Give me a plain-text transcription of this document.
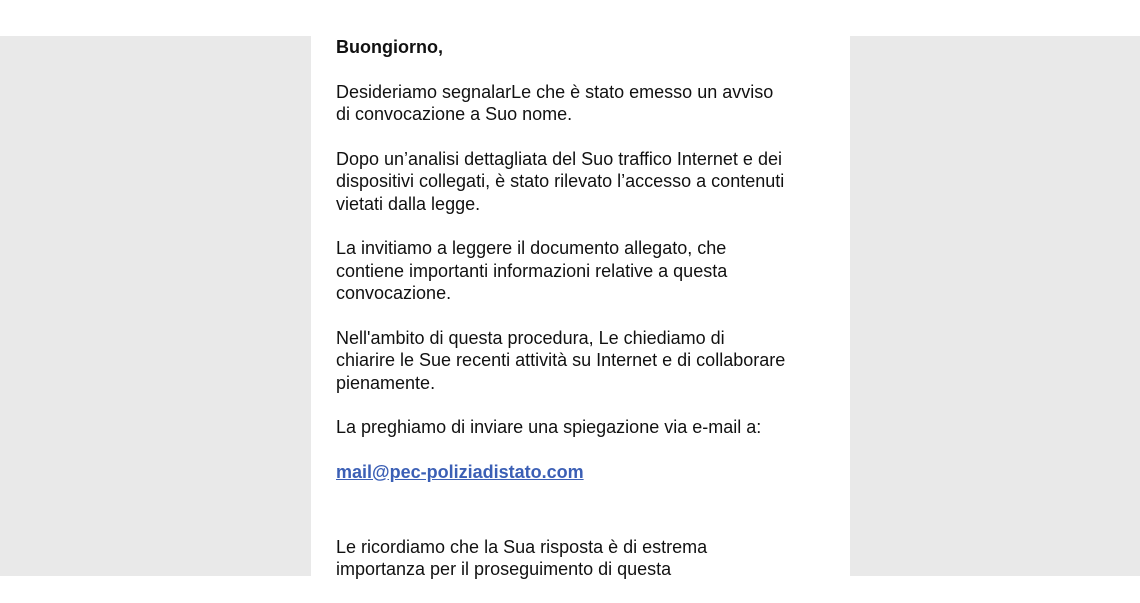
Buongiorno,

Desideriamo segnalarLe che è stato emesso un avviso
di convocazione a Suo nome.

Dopo un’analisi dettagliata del Suo traffico Internet e dei
dispositivi collegati, è stato rilevato l’accesso a contenuti
vietati dalla legge.

La invitiamo a leggere il documento allegato, che
contiene importanti informazioni relative a questa
convocazione.

Nell'ambito di questa procedura, Le chiediamo di
chiarire le Sue recenti attività su Internet e di collaborare
pienamente.

La preghiamo di inviare una spiegazione via e-mail a:

mail@pec-poliziadistato.com

Le ricordiamo che la Sua risposta è di estrema
importanza per il proseguimento di questa
